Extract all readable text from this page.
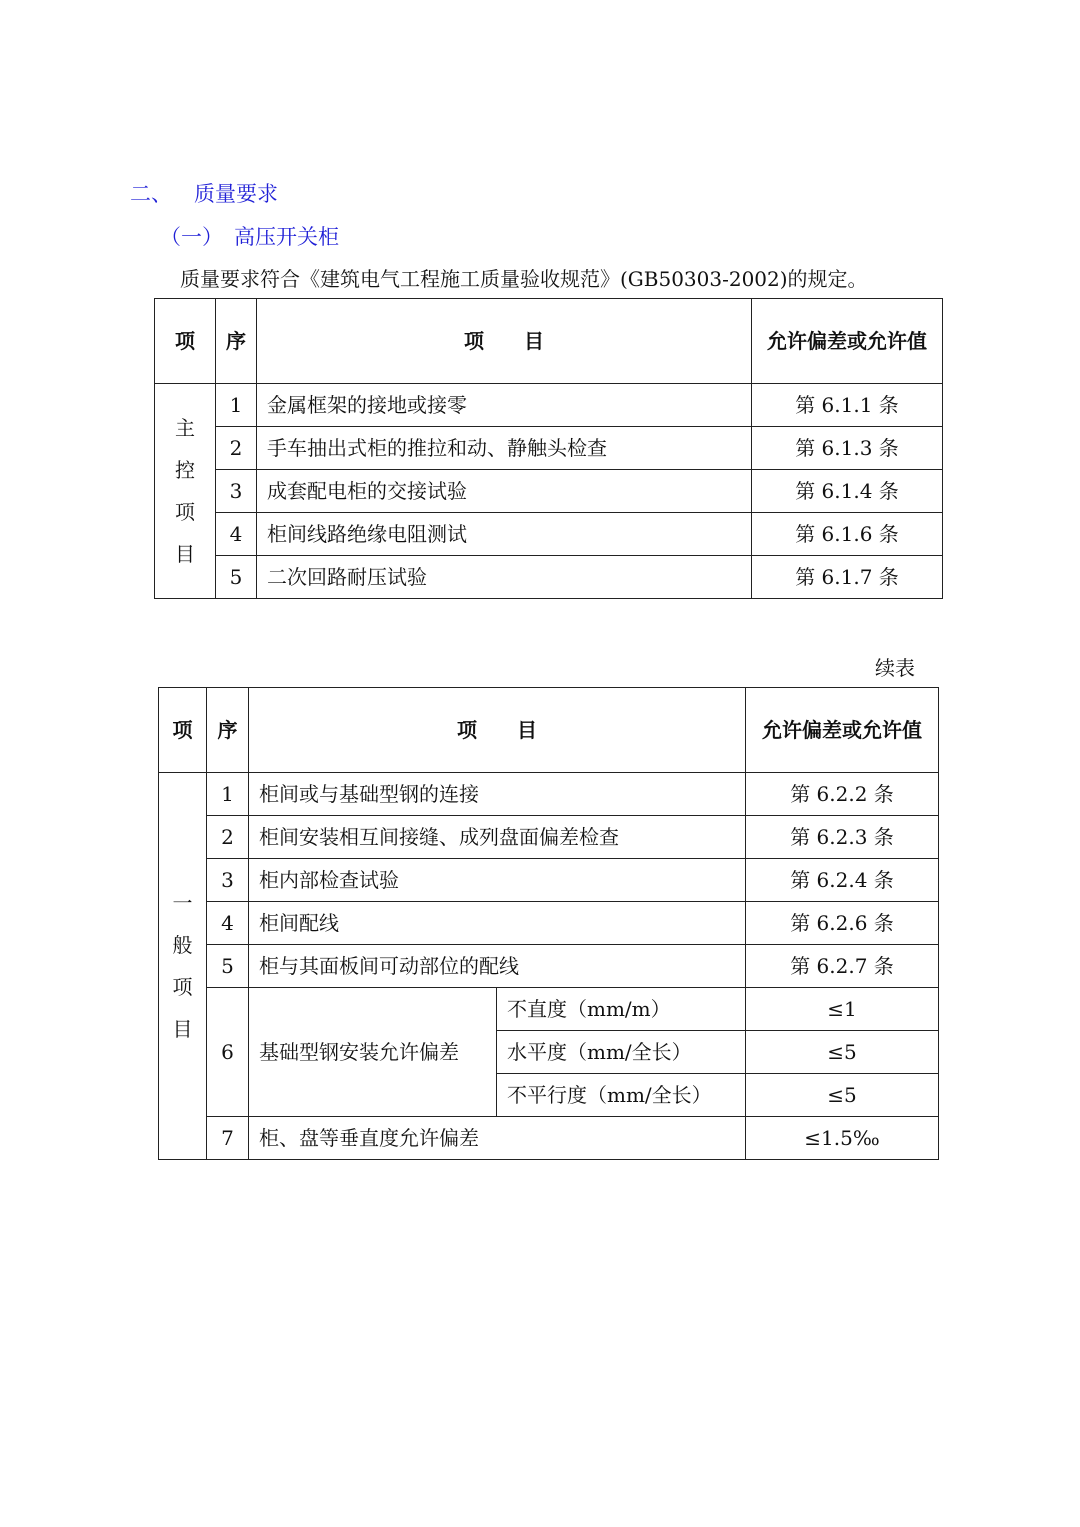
二、 质量要求
（一） 高压开关柜
质量要求符合《建筑电气工程施工质量验收规范》(GB50303-2002)的规定。
项	序	项　　目	允许偏差或允许值
主控项目	1	金属框架的接地或接零	第 6.1.1 条
	2	手车抽出式柜的推拉和动、静触头检查	第 6.1.3 条
	3	成套配电柜的交接试验	第 6.1.4 条
	4	柜间线路绝缘电阻测试	第 6.1.6 条
	5	二次回路耐压试验	第 6.1.7 条
续表
项	序	项　　目		允许偏差或允许值
一般项目	1	柜间或与基础型钢的连接		第 6.2.2 条
	2	柜间安装相互间接缝、成列盘面偏差检查		第 6.2.3 条
	3	柜内部检查试验		第 6.2.4 条
	4	柜间配线		第 6.2.6 条
	5	柜与其面板间可动部位的配线		第 6.2.7 条
	6	基础型钢安装允许偏差	不直度（mm/m）	≤1
			水平度（mm/全长）	≤5
			不平行度（mm/全长）	≤5
	7	柜、盘等垂直度允许偏差		≤1.5‰
